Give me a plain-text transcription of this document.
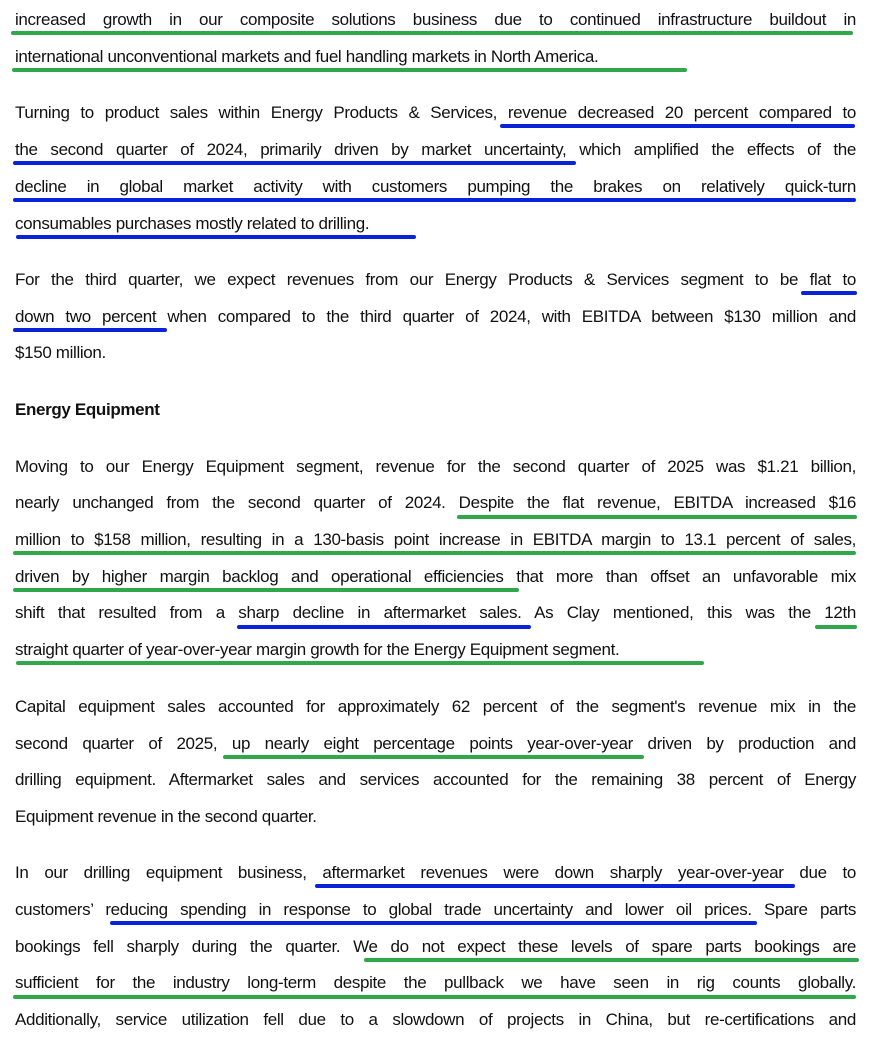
increased growth in our composite solutions business due to continued infrastructure buildout in
international unconventional markets and fuel handling markets in North America.
Turning to product sales within Energy Products & Services, revenue decreased 20 percent compared to
the second quarter of 2024, primarily driven by market uncertainty, which amplified the effects of the
decline in global market activity with customers pumping the brakes on relatively quick-turn
consumables purchases mostly related to drilling.
For the third quarter, we expect revenues from our Energy Products & Services segment to be flat to
down two percent when compared to the third quarter of 2024, with EBITDA between $130 million and
$150 million.
Energy Equipment
Moving to our Energy Equipment segment, revenue for the second quarter of 2025 was $1.21 billion,
nearly unchanged from the second quarter of 2024. Despite the flat revenue, EBITDA increased $16
million to $158 million, resulting in a 130-basis point increase in EBITDA margin to 13.1 percent of sales,
driven by higher margin backlog and operational efficiencies that more than offset an unfavorable mix
shift that resulted from a sharp decline in aftermarket sales. As Clay mentioned, this was the 12th
straight quarter of year-over-year margin growth for the Energy Equipment segment.
Capital equipment sales accounted for approximately 62 percent of the segment's revenue mix in the
second quarter of 2025, up nearly eight percentage points year-over-year driven by production and
drilling equipment. Aftermarket sales and services accounted for the remaining 38 percent of Energy
Equipment revenue in the second quarter.
In our drilling equipment business, aftermarket revenues were down sharply year-over-year due to
customers’ reducing spending in response to global trade uncertainty and lower oil prices. Spare parts
bookings fell sharply during the quarter. We do not expect these levels of spare parts bookings are
sufficient for the industry long-term despite the pullback we have seen in rig counts globally.
Additionally, service utilization fell due to a slowdown of projects in China, but re-certifications and
